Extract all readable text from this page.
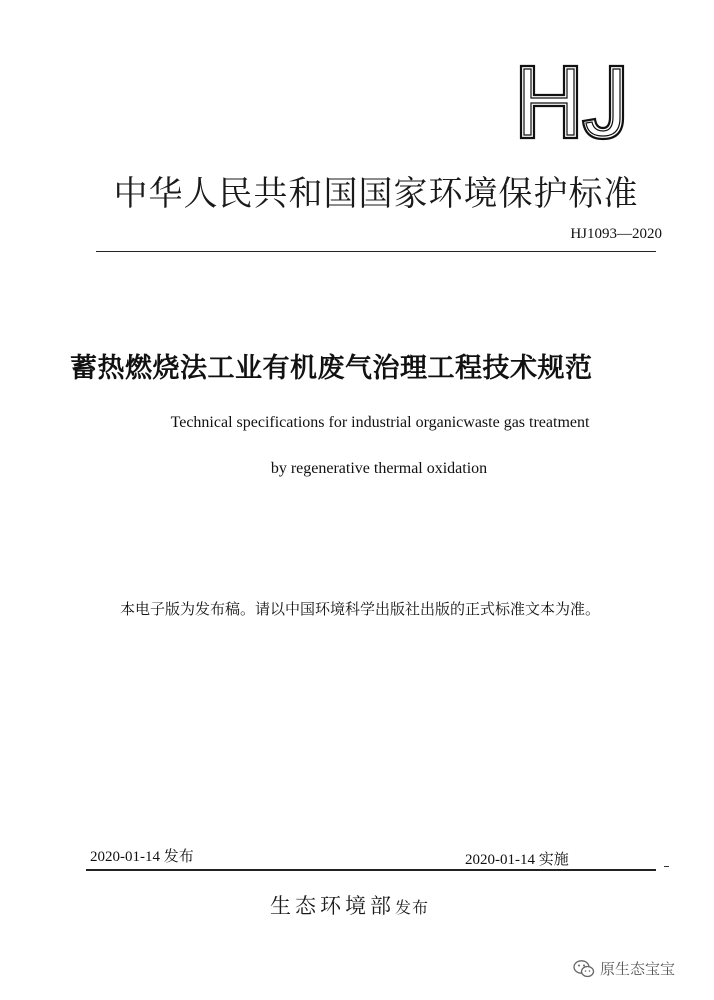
中华人民共和国国家环境保护标准
HJ1093—2020
蓄热燃烧法工业有机废气治理工程技术规范
Technical specifications for industrial organicwaste gas treatment
by regenerative thermal oxidation
本电子版为发布稿。请以中国环境科学出版社出版的正式标准文本为准。
2020-01-14 发布	2020-01-14 实施
生态环境部发布
原生态宝宝
